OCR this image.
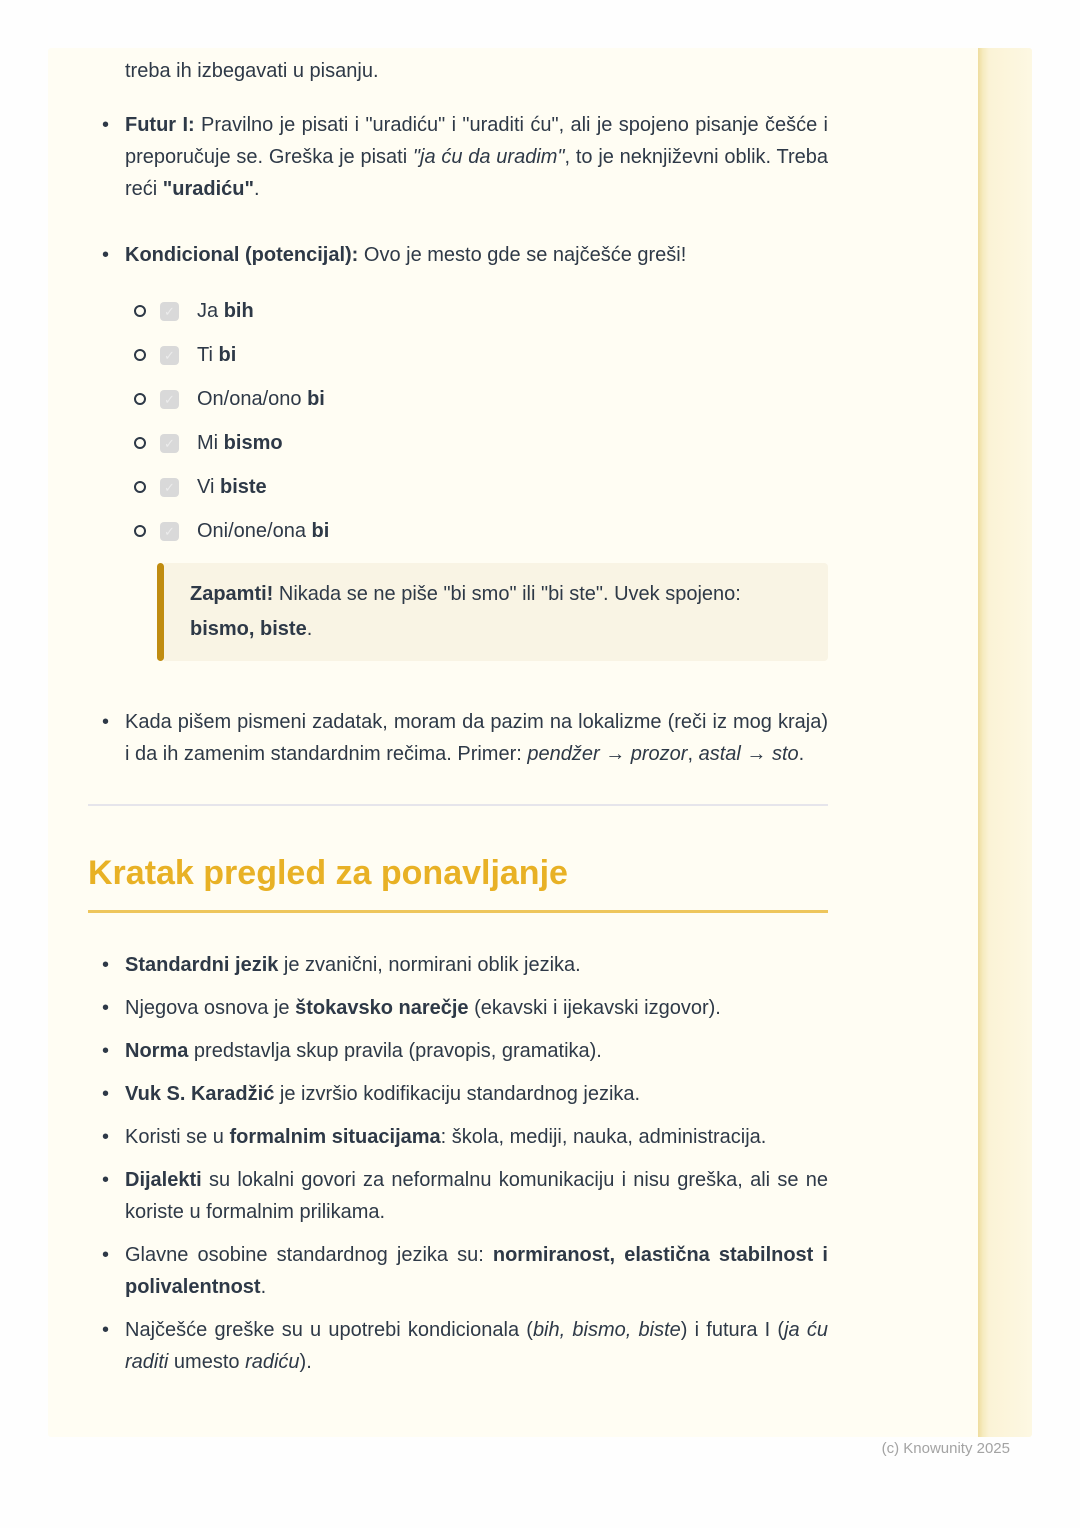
treba ih izbegavati u pisanju.

• Futur I: Pravilno je pisati i "uradiću" i "uraditi ću", ali je spojeno pisanje češće i preporučuje se. Greška je pisati "ja ću da uradim", to je neknjiževni oblik. Treba reći "uradiću".
• Kondicional (potencijal): Ovo je mesto gde se najčešće greši!
✓ Ja bih
✓ Ti bi
✓ On/ona/ono bi
✓ Mi bismo
✓ Vi biste
✓ Oni/one/ona bi

Zapamti! Nikada se ne piše "bi smo" ili "bi ste". Uvek spojeno: bismo, biste.

• Kada pišem pismeni zadatak, moram da pazim na lokalizme (reči iz mog kraja) i da ih zamenim standardnim rečima. Primer: pendžer → prozor, astal → sto.
Kratak pregled za ponavljanje
• Standardni jezik je zvanični, normirani oblik jezika.
• Njegova osnova je štokavsko narečje (ekavski i ijekavski izgovor).
• Norma predstavlja skup pravila (pravopis, gramatika).
• Vuk S. Karadžić je izvršio kodifikaciju standardnog jezika.
• Koristi se u formalnim situacijama: škola, mediji, nauka, administracija.
• Dijalekti su lokalni govori za neformalnu komunikaciju i nisu greška, ali se ne koriste u formalnim prilikama.
• Glavne osobine standardnog jezika su: normiranost, elastična stabilnost i polivalentnost.
• Najčešće greške su u upotrebi kondicionala (bih, bismo, biste) i futura I (ja ću raditi umesto radiću).
(c) Knowunity 2025
